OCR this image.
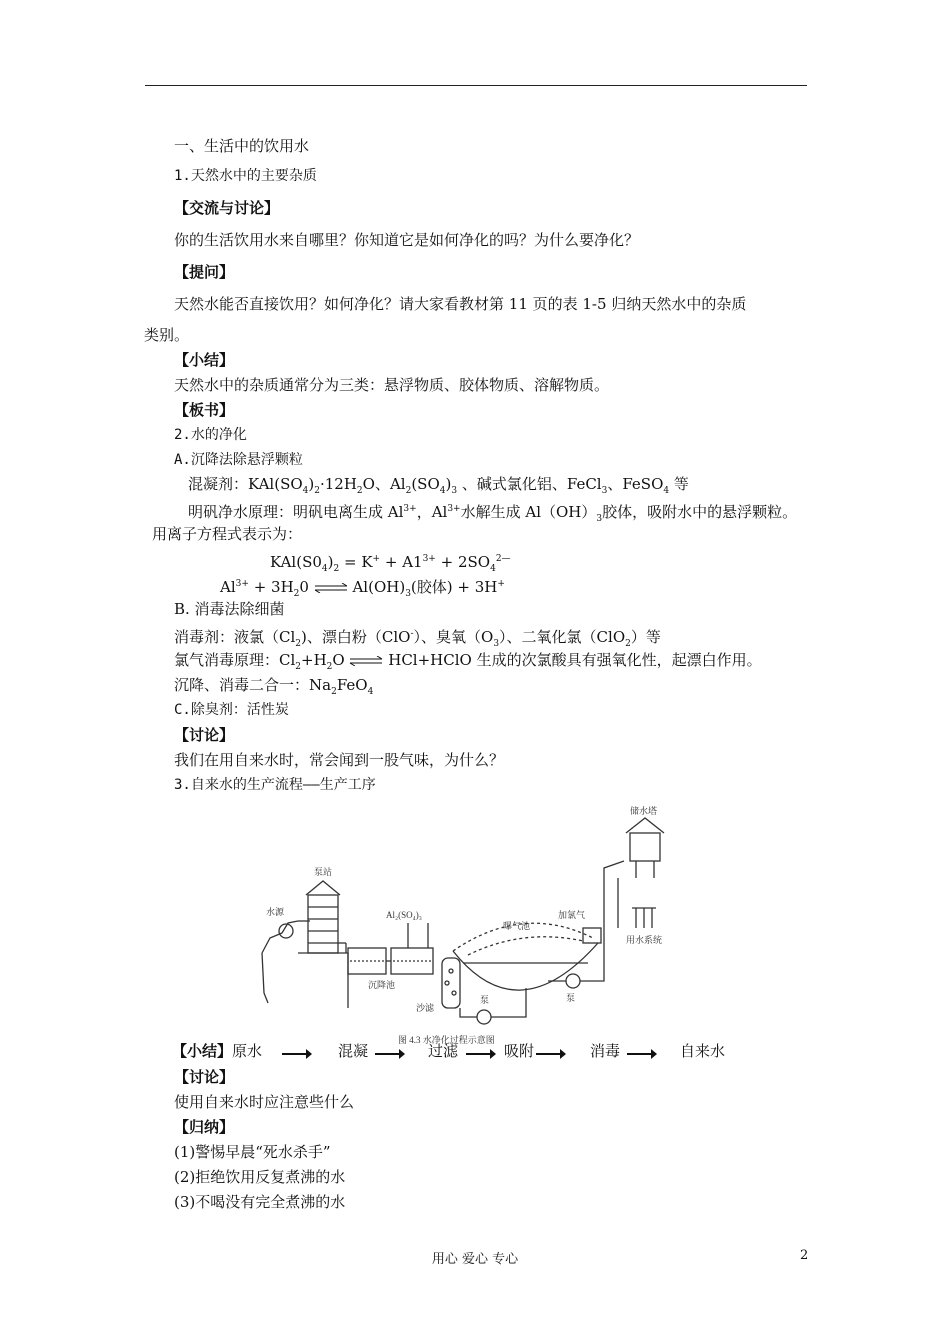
一、生活中的饮用水
1.天然水中的主要杂质
【交流与讨论】
你的生活饮用水来自哪里？你知道它是如何净化的吗？为什么要净化？
【提问】
天然水能否直接饮用？如何净化？请大家看教材第 11 页的表 1-5 归纳天然水中的杂质
类别。
【小结】
天然水中的杂质通常分为三类：悬浮物质、胶体物质、溶解物质。
【板书】
2.水的净化
A.沉降法除悬浮颗粒
混凝剂：$KAl(SO_4)_2\cdot 12H_2O$、$Al_2(SO_4)_3$ 、碱式氯化铝、FeCl$_3$、FeSO$_4$ 等
明矾净水原理：明矾电离生成 $Al^{3+}$，$Al^{3+}$水解生成 $Al(OH)_3$胶体，吸附水中的悬浮颗粒。
用离子方程式表示为：
$KAl(S0_4)_2 = K^+ + A1^{3+} + 2SO_4^{2—}$
$Al^{3+} + 3H_20$ ⇌ $Al(OH)_3$(胶体) + 3H+
B. 消毒法除细菌
消毒剂：液氯$(Cl_2)$、漂白粉（ClO-）、臭氧$(O_3)$、二氧化氯（ClO$_2$）等
氯气消毒原理：$Cl_2+H_2O$ ⇌ HCl+HClO 生成的次氯酸具有强氧化性，起漂白作用。
沉降、消毒二合一：$Na_2FeO_4$
C.除臭剂：活性炭
【讨论】
我们在用自来水时，常会闻到一股气味，为什么？
3.自来水的生产流程——生产工序
泵站
水源	Al₂(SO₄)₃
曝气池
加氯气
储水塔
用水系统
沉降池
沙滤
泵	泵
图 4.3 水净化过程示意图
【小结】原水	混凝	过滤	吸附	消毒	自来水
【讨论】
使用自来水时应注意些什么
【归纳】
(1)警惕早晨“死水杀手”
(2)拒绝饮用反复煮沸的水
(3)不喝没有完全煮沸的水
用心 爱心 专心	2
